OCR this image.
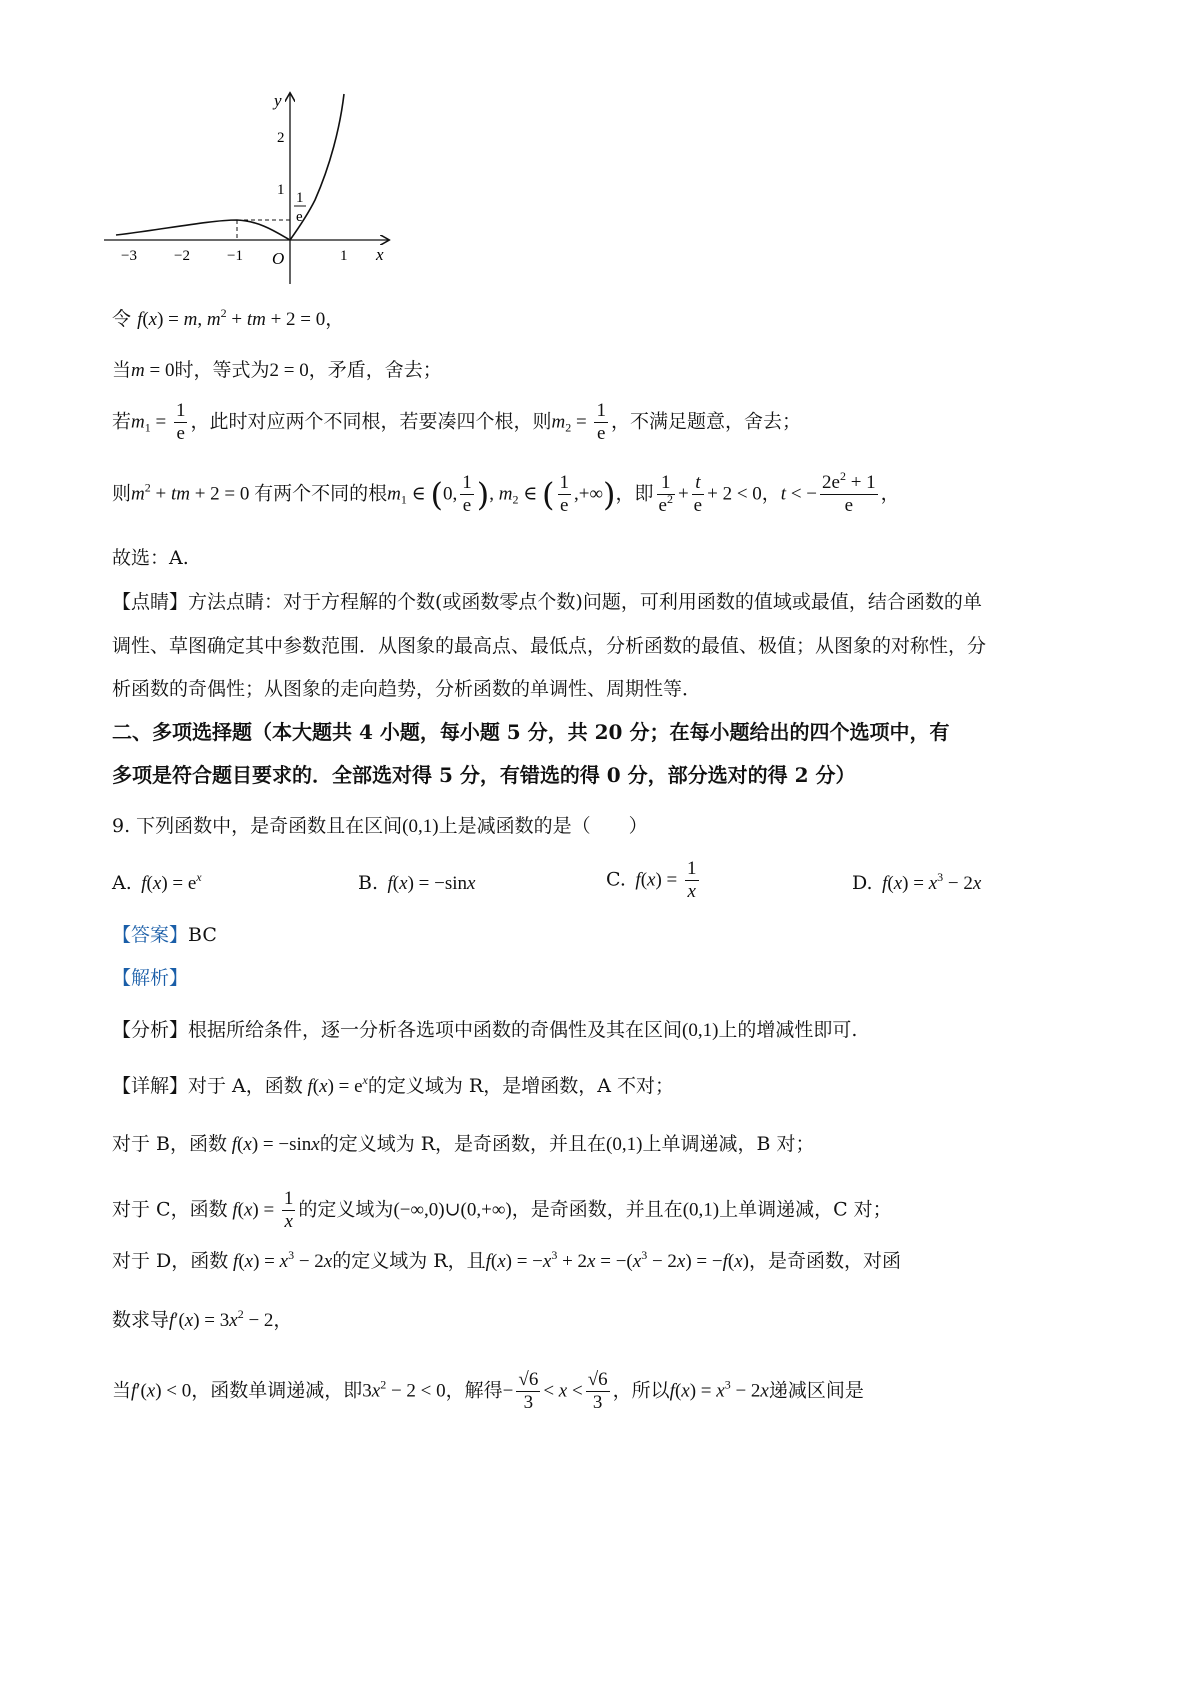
y
x
O
2
1
−3 −2 −1	1
1
e
令 f(x) = m, $m^2$ + tm + 2 = 0，
当m = 0时，等式为2 = 0，矛盾，舍去；
若$m_1 = \frac{1}{e}$ ，此时对应两个不同根，若要凑四个根，则$m_2 = \frac{1}{e}$ ，不满足题意，舍去；
则$m^2$ + tm + 2 = 0 有两个不同的根$m_1$ ∈ (0, $\frac{1}{e}$ ), $m_2$ ∈ ( $\frac{1}{e}$ ,+∞)，即 $\frac{1}{e^2} + \frac{t}{e} + 2 < 0$，t < − $\frac{2e^2 + 1}{e}$ ，
故选：A.
【点睛】方法点睛：对于方程解的个数(或函数零点个数)问题，可利用函数的值域或最值，结合函数的单
调性、草图确定其中参数范围．从图象的最高点、最低点，分析函数的最值、极值；从图象的对称性，分
析函数的奇偶性；从图象的走向趋势，分析函数的单调性、周期性等．
二、多项选择题（本大题共 4 小题，每小题 5 分，共 20 分；在每小题给出的四个选项中，有
多项是符合题目要求的．全部选对得 5 分，有错选的得 0 分，部分选对的得 2 分）
9. 下列函数中，是奇函数且在区间(0,1)上是减函数的是（　　）
A.  $f(x) = e^x$	B.  f(x) = −sinx	C.  $f(x) = \frac{1}{x}$	D.  $f(x) = x^3 - 2x$
【答案】BC
【解析】
【分析】根据所给条件，逐一分析各选项中函数的奇偶性及其在区间(0,1)上的增减性即可.
【详解】对于 A，函数 $f(x) = e^x$的定义域为 R，是增函数，A 不对；
对于 B，函数 f(x) = −sinx的定义域为 R，是奇函数，并且在(0,1)上单调递减，B 对；
对于 C，函数 $f(x) = \frac{1}{x}$ 的定义域为(−∞,0)∪(0,+∞)，是奇函数，并且在(0,1)上单调递减，C 对；
对于 D，函数 $f(x) = x^3 - 2x$的定义域为 R，且$f(x) = -x^3 + 2x = -(x^3 - 2x) = -f(x)$，是奇函数，对函
数求导$f'(x) = 3x^2 - 2$，
当f′(x) < 0，函数单调递减，即$3x^2 - 2 < 0$，解得− $\frac{√6}{3} < x < \frac{√6}{3}$ ，所以$f(x) = x^3 - 2x$递减区间是
